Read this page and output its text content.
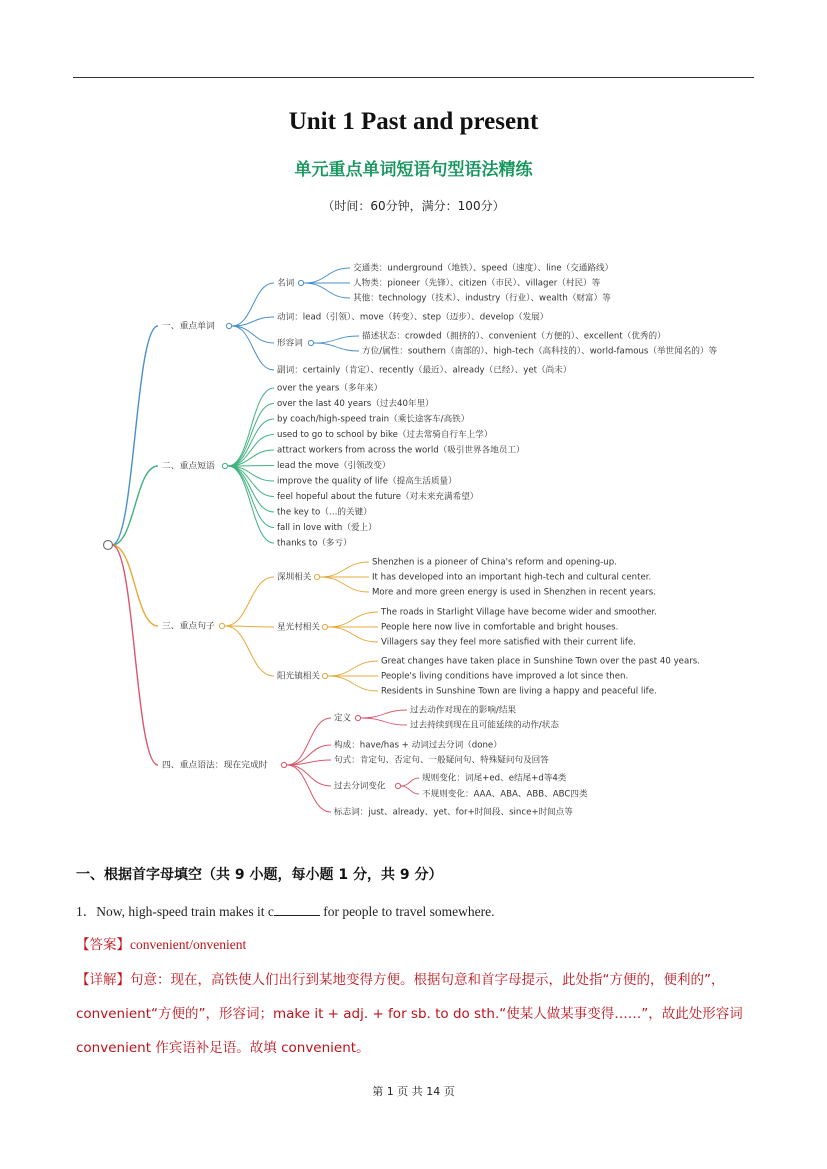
Unit 1 Past and present
单元重点单词短语句型语法精练
（时间：60分钟，满分：100分）
一、重点单词
名词
交通类：underground（地铁）、speed（速度）、line（交通路线）
人物类：pioneer（先锋）、citizen（市民）、villager（村民）等
其他：technology（技术）、industry（行业）、wealth（财富）等
动词：lead（引领）、move（转变）、step（迈步）、develop（发展）
形容词
描述状态：crowded（拥挤的）、convenient（方便的）、excellent（优秀的）
方位/属性：southern（南部的）、high-tech（高科技的）、world-famous（举世闻名的）等
副词：certainly（肯定）、recently（最近）、already（已经）、yet（尚未）
二、重点短语
over the years（多年来）
over the last 40 years（过去40年里）
by coach/high-speed train（乘长途客车/高铁）
used to go to school by bike（过去常骑自行车上学）
attract workers from across the world（吸引世界各地员工）
lead the move（引领改变）
improve the quality of life（提高生活质量）
feel hopeful about the future（对未来充满希望）
the key to（…的关键）
fall in love with（爱上）
thanks to（多亏）
三、重点句子
深圳相关
Shenzhen is a pioneer of China's reform and opening-up.
It has developed into an important high-tech and cultural center.
More and more green energy is used in Shenzhen in recent years.
星光村相关
The roads in Starlight Village have become wider and smoother.
People here now live in comfortable and bright houses.
Villagers say they feel more satisfied with their current life.
阳光镇相关
Great changes have taken place in Sunshine Town over the past 40 years.
People's living conditions have improved a lot since then.
Residents in Sunshine Town are living a happy and peaceful life.
四、重点语法：现在完成时
定义
过去动作对现在的影响/结果
过去持续到现在且可能延续的动作/状态
构成：have/has + 动词过去分词（done）
句式：肯定句、否定句、一般疑问句、特殊疑问句及回答
过去分词变化
规则变化：词尾+ed、e结尾+d等4类
不规则变化：AAA、ABA、ABB、ABC四类
标志词：just、already、yet、for+时间段、since+时间点等
一、根据首字母填空（共 9 小题，每小题 1 分，共 9 分）
1．Now, high-speed train makes it c	for people to travel somewhere.
【答案】convenient/onvenient
【详解】句意：现在，高铁使人们出行到某地变得方便。根据句意和首字母提示，此处指“方便的，便利的”，convenient“方便的”，形容词；make it + adj. + for sb. to do sth.“使某人做某事变得……”，故此处形容词 convenient 作宾语补足语。故填 convenient。
第 1 页 共 14 页
